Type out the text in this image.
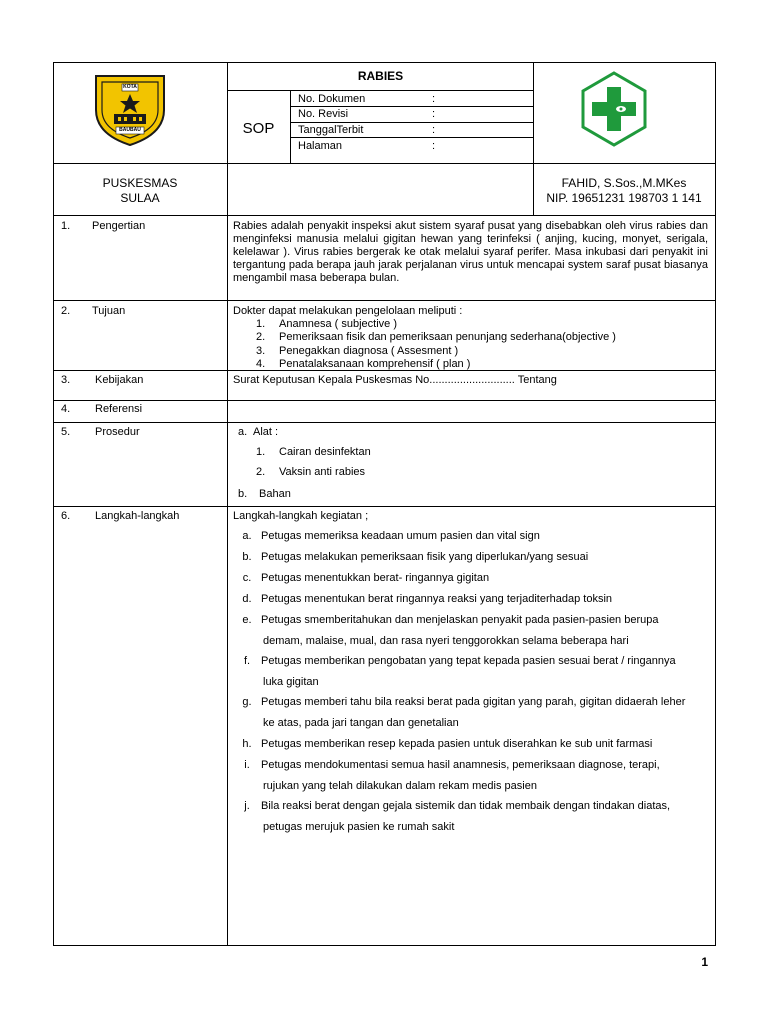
KOTA
BAUBAU
RABIES
SOP
No. Dokumen	:
No. Revisi	:
TanggalTerbit	:
Halaman	:
PUSKESMAS
SULAA
FAHID, S.Sos.,M.MKes
NIP. 19651231 198703 1 141
1. Pengertian	Rabies adalah penyakit inspeksi akut sistem syaraf pusat yang disebabkan oleh virus rabies dan menginfeksi manusia melalui gigitan hewan yang terinfeksi ( anjing, kucing, monyet, serigala, kelelawar ). Virus rabies bergerak ke otak melalui syaraf perifer. Masa inkubasi dari penyakit ini tergantung pada berapa jauh jarak perjalanan virus untuk mencapai system saraf pusat biasanya mengambil masa beberapa bulan.
2. Tujuan	Dokter dapat melakukan pengelolaan meliputi :
1. Anamnesa ( subjective )
2. Pemeriksaan fisik dan pemeriksaan penunjang sederhana(objective )
3. Penegakkan diagnosa ( Assesment )
4. Penatalaksanaan komprehensif ( plan )
3. Kebijakan	Surat Keputusan Kepala Puskesmas No............................ Tentang
4. Referensi
5. Prosedur	a. Alat :
1. Cairan desinfektan
2. Vaksin anti rabies
b. Bahan
6. Langkah-langkah	Langkah-langkah kegiatan ;
a. Petugas memeriksa keadaan umum pasien dan vital sign
b. Petugas melakukan pemeriksaan fisik yang diperlukan/yang sesuai
c. Petugas menentukkan berat- ringannya gigitan
d. Petugas menentukan berat ringannya reaksi yang terjaditerhadap toksin
e. Petugas smemberitahukan dan menjelaskan penyakit pada pasien-pasien berupa
demam, malaise, mual, dan rasa nyeri tenggorokkan selama beberapa hari
f. Petugas memberikan pengobatan yang tepat kepada pasien sesuai berat / ringannya
luka gigitan
g. Petugas memberi tahu bila reaksi berat pada gigitan yang parah, gigitan didaerah leher
ke atas, pada jari tangan dan genetalian
h. Petugas memberikan resep kepada pasien untuk diserahkan ke sub unit farmasi
i. Petugas mendokumentasi semua hasil anamnesis, pemeriksaan diagnose, terapi,
rujukan yang telah dilakukan dalam rekam medis pasien
j. Bila reaksi berat dengan gejala sistemik dan tidak membaik dengan tindakan diatas,
petugas merujuk pasien ke rumah sakit
1
